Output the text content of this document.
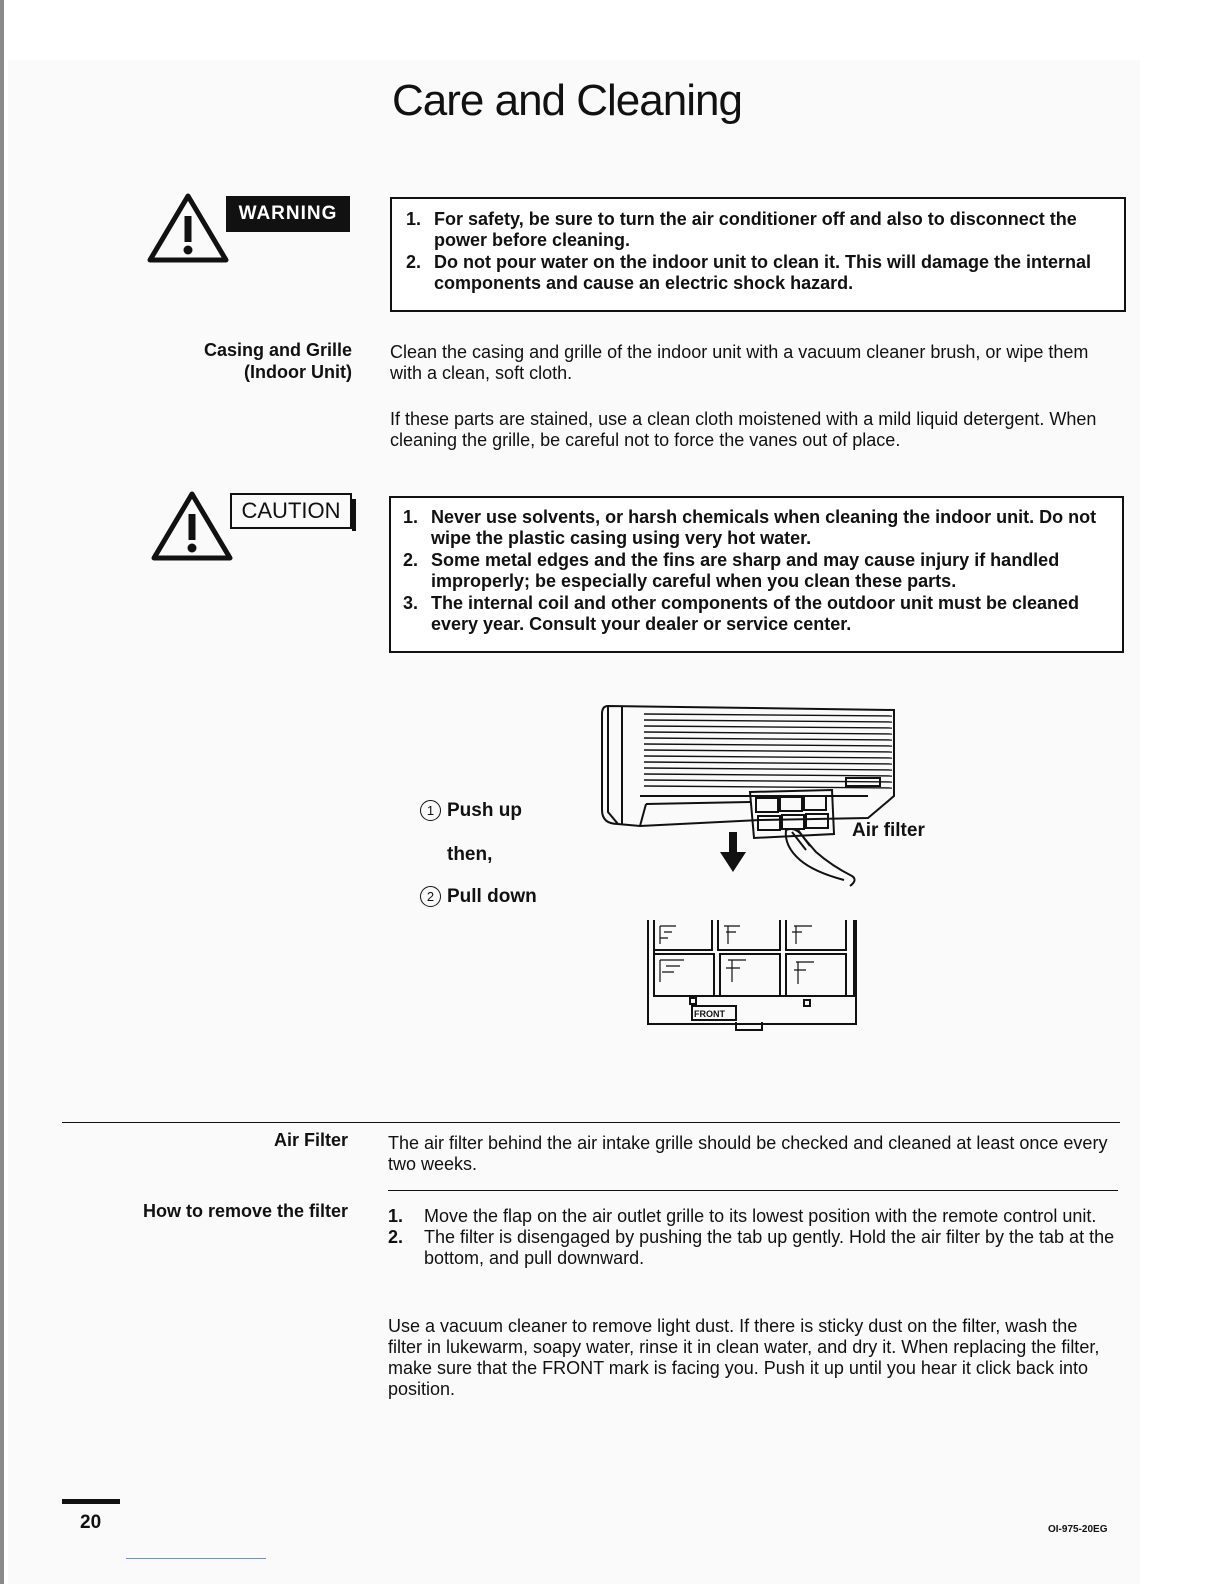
Care and Cleaning
WARNING	1. For safety, be sure to turn the air conditioner off and also to disconnect the power before cleaning.
2. Do not pour water on the indoor unit to clean it. This will damage the internal components and cause an electric shock hazard.
Casing and Grille
(Indoor Unit)
Clean the casing and grille of the indoor unit with a vacuum cleaner brush, or wipe them with a clean, soft cloth.
If these parts are stained, use a clean cloth moistened with a mild liquid detergent. When cleaning the grille, be careful not to force the vanes out of place.
CAUTION	1. Never use solvents, or harsh chemicals when cleaning the indoor unit. Do not wipe the plastic casing using very hot water.
2. Some metal edges and the fins are sharp and may cause injury if handled improperly; be especially careful when you clean these parts.
3. The internal coil and other components of the outdoor unit must be cleaned every year. Consult your dealer or service center.
1 Push up
then,
2 Pull down
FRONT
Air filter
Air Filter The air filter behind the air intake grille should be checked and cleaned at least once every two weeks.
How to remove the filter 1. Move the flap on the air outlet grille to its lowest position with the remote control unit.
2. The filter is disengaged by pushing the tab up gently. Hold the air filter by the tab at the bottom, and pull downward.
Use a vacuum cleaner to remove light dust. If there is sticky dust on the filter, wash the filter in lukewarm, soapy water, rinse it in clean water, and dry it. When replacing the filter, make sure that the FRONT mark is facing you. Push it up until you hear it click back into position.
20	OI-975-20EG
